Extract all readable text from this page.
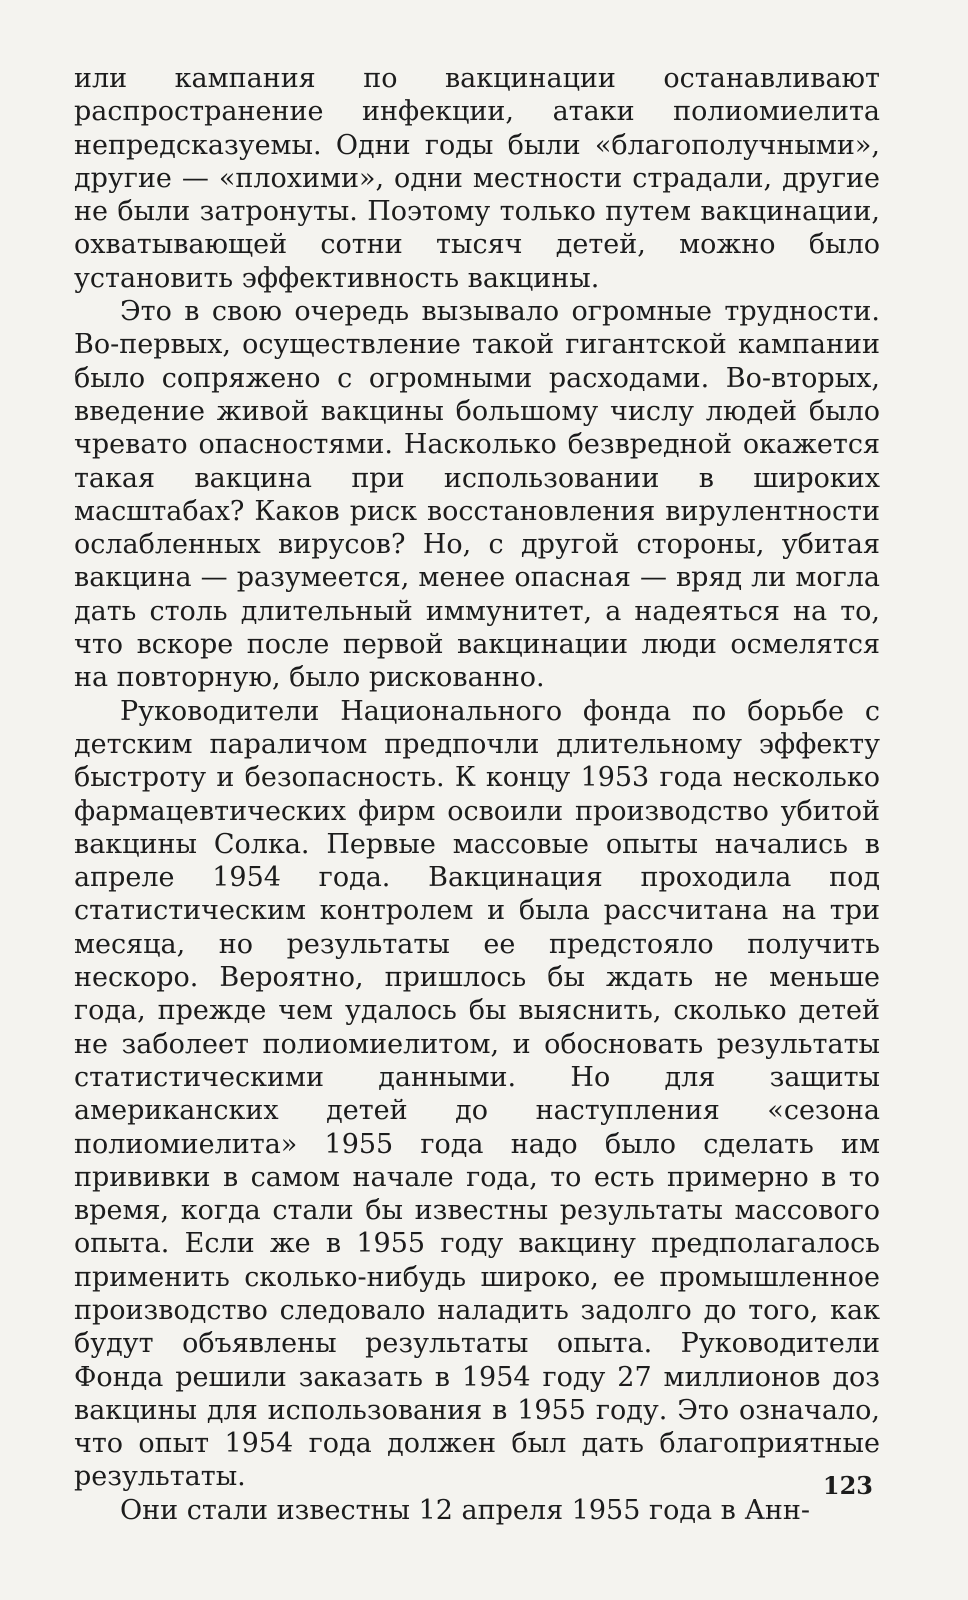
или кампания по вакцинации останавливают распространение инфекции, атаки полиомиелита непредсказуемы. Одни годы были «благополучными», другие — «плохими», одни местности страдали, другие не были затронуты. Поэтому только путем вакцинации, охватывающей сотни тысяч детей, можно было установить эффективность вакцины.

Это в свою очередь вызывало огромные трудности. Во-первых, осуществление такой гигантской кампании было сопряжено с огромными расходами. Во-вторых, введение живой вакцины большому числу людей было чревато опасностями. Насколько безвредной окажется такая вакцина при использовании в широких масштабах? Каков риск восстановления вирулентности ослабленных вирусов? Но, с другой стороны, убитая вакцина — разумеется, менее опасная — вряд ли могла дать столь длительный иммунитет, а надеяться на то, что вскоре после первой вакцинации люди осмелятся на повторную, было рискованно.

Руководители Национального фонда по борьбе с детским параличом предпочли длительному эффекту быстроту и безопасность. К концу 1953 года несколько фармацевтических фирм освоили производство убитой вакцины Солка. Первые массовые опыты начались в апреле 1954 года. Вакцинация проходила под статистическим контролем и была рассчитана на три месяца, но результаты ее предстояло получить нескоро. Вероятно, пришлось бы ждать не меньше года, прежде чем удалось бы выяснить, сколько детей не заболеет полиомиелитом, и обосновать результаты статистическими данными. Но для защиты американских детей до наступления «сезона полиомиелита» 1955 года надо было сделать им прививки в самом начале года, то есть примерно в то время, когда стали бы известны результаты массового опыта. Если же в 1955 году вакцину предполагалось применить сколько-нибудь широко, ее промышленное производство следовало наладить задолго до того, как будут объявлены результаты опыта. Руководители Фонда решили заказать в 1954 году 27 миллионов доз вакцины для использования в 1955 году. Это означало, что опыт 1954 года должен был дать благоприятные результаты.

Они стали известны 12 апреля 1955 года в Анн-

123
